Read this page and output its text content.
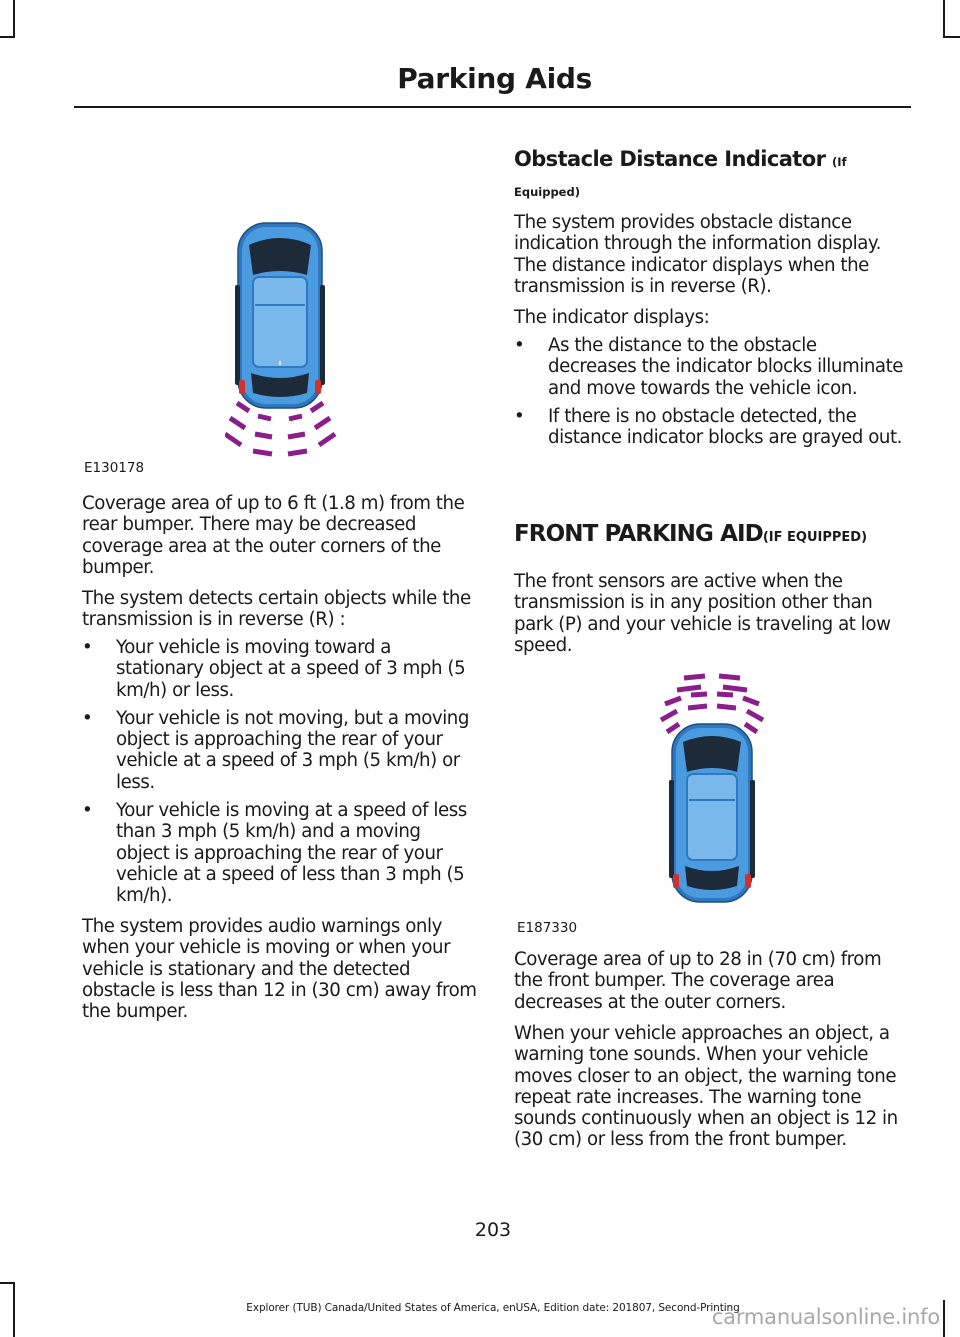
Parking Aids
E130178

Coverage area of up to 6 ft (1.8 m) from the rear bumper. There may be decreased coverage area at the outer corners of the bumper.

The system detects certain objects while the transmission is in reverse (R) :

• Your vehicle is moving toward a stationary object at a speed of 3 mph (5 km/h) or less.
• Your vehicle is not moving, but a moving object is approaching the rear of your vehicle at a speed of 3 mph (5 km/h) or less.
• Your vehicle is moving at a speed of less than 3 mph (5 km/h) and a moving object is approaching the rear of your vehicle at a speed of less than 3 mph (5 km/h).

The system provides audio warnings only when your vehicle is moving or when your vehicle is stationary and the detected obstacle is less than 12 in (30 cm) away from the bumper.

Obstacle Distance Indicator (If
Equipped)

The system provides obstacle distance indication through the information display. The distance indicator displays when the transmission is in reverse (R).

The indicator displays:

• As the distance to the obstacle decreases the indicator blocks illuminate and move towards the vehicle icon.
• If there is no obstacle detected, the distance indicator blocks are grayed out.
FRONT PARKING AID(IF EQUIPPED)

The front sensors are active when the transmission is in any position other than park (P) and your vehicle is traveling at low speed.

Coverage area of up to 28 in (70 cm) from the front bumper. The coverage area decreases at the outer corners.

When your vehicle approaches an object, a warning tone sounds. When your vehicle moves closer to an object, the warning tone repeat rate increases. The warning tone sounds continuously when an object is 12 in (30 cm) or less from the front bumper.

E187330
203
Explorer (TUB) Canada/United States of America, enUSA, Edition date: 201807, Second-Printing
carmanualsonline.info
